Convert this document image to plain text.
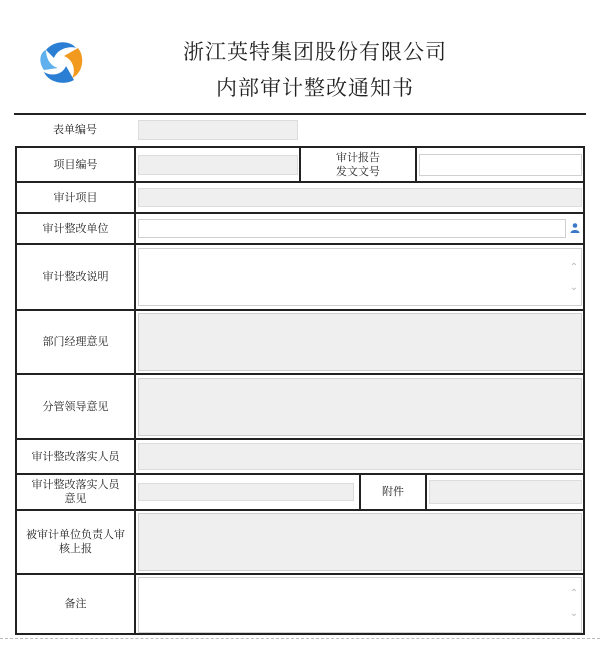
浙江英特集团股份有限公司
内部审计整改通知书
表单编号
项目编号
审计报告
发文文号
审计项目
审计整改单位
审计整改说明
⌃
⌄
部门经理意见
分管领导意见
审计整改落实人员
审计整改落实人员
意见
附件
被审计单位负责人审
核上报
备注
⌃
⌄
